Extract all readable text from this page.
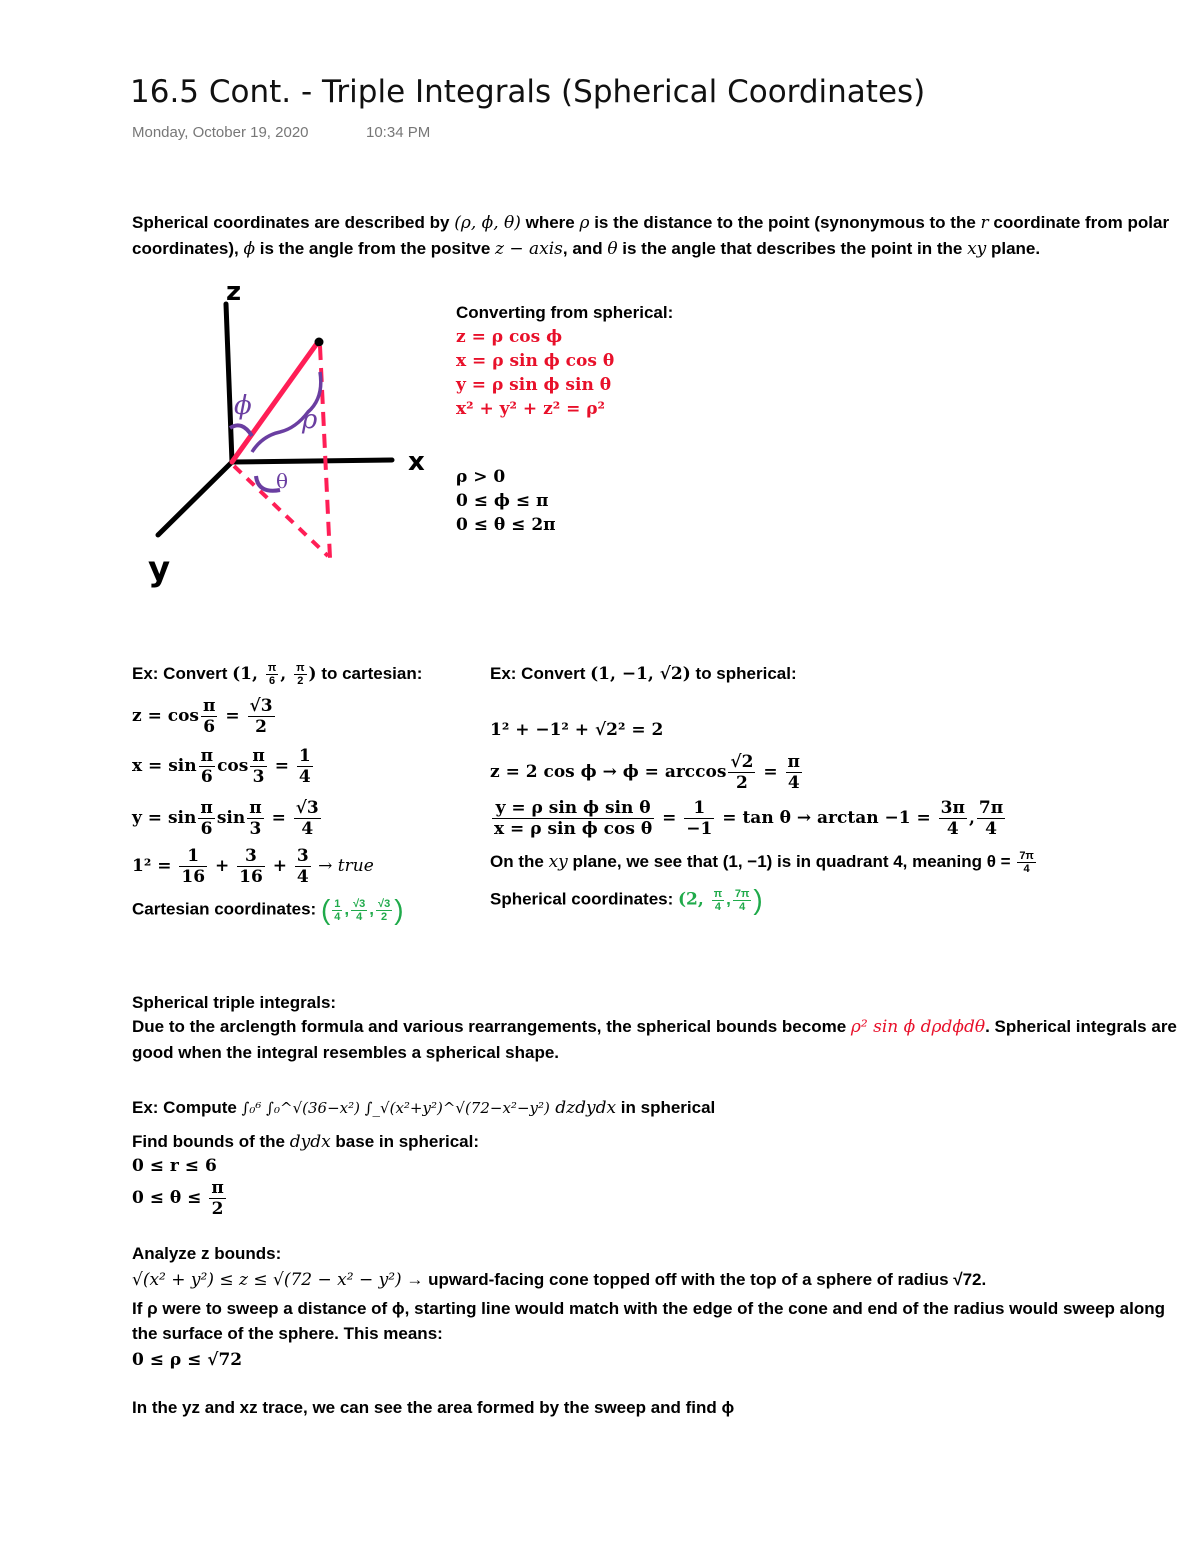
16.5 Cont. - Triple Integrals (Spherical Coordinates)
Monday, October 19, 2020	10:34 PM
Spherical coordinates are described by (ρ, ϕ, θ) where ρ is the distance to the point (synonymous to the r coordinate from polar coordinates), ϕ is the angle from the positve z − axis, and θ is the angle that describes the point in the xy plane.
z
x
y
ϕ ρ
θ
Converting from spherical:
z = ρ cos ϕ
x = ρ sin ϕ cos θ
y = ρ sin ϕ sin θ
x² + y² + z² = ρ²
ρ > 0
0 ≤ ϕ ≤ π
0 ≤ θ ≤ 2π
Ex: Convert (1, $\frac{\pi}{6}$ , $\frac{\pi}{2}$ ) to cartesian:
$z = \cos \frac{\pi}{6} = \frac{√3}{2}$
$x = \sin \frac{\pi}{6}$ $\cos \frac{\pi}{3} = \frac{1}{4}$
$y = \sin \frac{\pi}{6}$ $\sin \frac{\pi}{3} = \frac{√3}{4}$
$1^2 = \frac{1}{16} + \frac{3}{16} + \frac{3}{4}$ → true
Cartesian coordinates: ( $\frac{1}{4}$ , $\frac{√3}{4}$ , $\frac{√3}{2}$ )
Ex: Convert (1, −1, √2) to spherical:
1² + −1² + √2² = 2
z = 2 $\cos \phi \to \phi = \arccos \frac{√2}{2} = \frac{\pi}{4}$
$\frac{\text{y = ρ sin ϕ sin θ}}{\text{x = ρ sin ϕ cos θ}} = \frac{1}{-1} = \tan \theta \to \arctan -1 = \frac{3\pi}{4}$ , $\frac{7\pi}{4}$
On the xy plane, we see that (1, −1) is in quadrant 4, meaning $\theta = \frac{7\pi}{4}$
Spherical coordinates: (2, $\frac{\pi}{4}$ , $\frac{7\pi}{4}$ )
Spherical triple integrals:
Due to the arclength formula and various rearrangements, the spherical bounds become ρ² sin ϕ dρdϕdθ. Spherical integrals are good when the integral resembles a spherical shape.
Ex: Compute ∫₀⁶ ∫₀^√(36−x²) ∫_√(x²+y²)^√(72−x²−y²) dzdydx in spherical
Find bounds of the dydx base in spherical:
0 ≤ r ≤ 6
$0 \le \theta \le \frac{\pi}{2}$
Analyze z bounds:
√(x² + y²) ≤ z ≤ √(72 − x² − y²) → upward-facing cone topped off with the top of a sphere of radius √72.
If ρ were to sweep a distance of ϕ, starting line would match with the edge of the cone and end of the radius would sweep along the surface of the sphere. This means:
0 ≤ ρ ≤ √72
In the yz and xz trace, we can see the area formed by the sweep and find ϕ
